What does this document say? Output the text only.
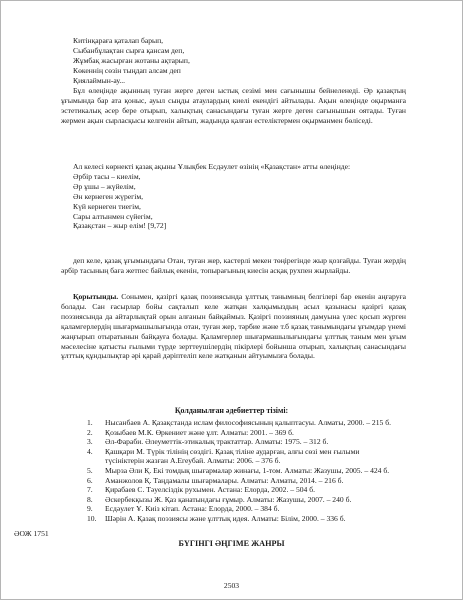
Китінқараға қаталап барып,
Сыбанбұлақтан сырға қансам деп,
Жұмбақ жасырған жотаны ақтарып,
Көкеннің сөзін тыңдап алсам деп
Қиялаймын-ау...

Бұл өлеңінде ақынның туған жерге деген ыстық сезімі мен сағынышы бейнеленеді. Әр қазақтың ұғымында бар ата қоныс, ауыл сыңды атаулардың киелі екендігі айтылады. Ақын өлеңінде оқырманға эстетикалық әсер бере отырып, халықтың санасындағы туған жерге деген сағынышын оятады. Туған жермен ақын сырласқысы келгенін айтып, жадында қалған естеліктермен оқырманмен бөліседі.

Ал келесі көрнекті қазақ ақыны Ұлықбек Есдәулет өзінің «Қазақстан» атты өлеңінде:

Әрбір тасы – киелім,
Әр ұшы – жүйелім,
Ән кернеген жүрегім,
Күй кернеген тиегім,
Сары алтынмен сүйегім,
Қазақстан – жыр елім! [9,72]

деп келе, қазақ ұғымындағы Отан, туған жер, кастерлі мекен төңірегінде жыр қозғайды. Туған жердің әрбір тасының баға жетпес байлық екенін, топырағының киесін асқақ рухпен жырлайды.

Қорытынды. Сонымен, қазіргі қазақ поэзиясында ұлттық танымның белгілері бар екенін аңғаруға болады. Сан ғасырлар бойы сақталып келе жатқан халқымыздың асыл қазынасы қазіргі қазақ поэзиясында да айтарлықтай орын алғанын байқаймыз. Қазіргі поэзияның дамуына үлес қосып жүрген қаламгерлердің шығармашылығында отан, туған жер, тәрбие және т.б қазақ танымындағы ұғымдар үнемі жаңғырып отыратынын байқауға болады. Қаламгерлер шығармашылығындағы ұлттық таным мен ұғым мәселесіне қатысты ғылыми түрде зерттеушілердің пікірлері бойынша отырып, халықтың санасындағы ұлттық құндылықтар әрі қарай дәріптеліп келе жатқанын айтуымызға болады.

Қолданылған әдебиеттер тізімі:
1.	Нысанбаев А. Қазақстанда ислам философиясының қалыптасуы. Алматы, 2000. – 215 б.
2.	Қозыбаев М.К. Өркениет және ұлт. Алматы: 2001. – 369 б.
3.	Әл-Фараби. Әлеуметтік-этикалық трактаттар. Алматы: 1975. – 312 б.
4.	Қашқари М. Түрік тілінің сөздігі. Қазақ тіліне аударған, алғы сөзі мен ғылыми түсініктерін жазған А.Егеубай. Алматы: 2006. – 376 б.
5.	Мырза Әли Қ. Екі томдық шығармалар жинағы, 1-том. Алматы: Жазушы, 2005. – 424 б.
6.	Аманжолов Қ. Таңдамалы шығармалары. Алматы: Алматы, 2014. – 216 б.
7.	Қирабаев С. Тәуелсіздік рухымен. Астана: Елорда, 2002. – 504 б.
8.	Әскербекқызы Ж. Қаз қанатындағы ғұмыр. Алматы: Жазушы, 2007. – 240 б.
9.	Есдәулет Ұ. Киіз кітап. Астана: Елорда, 2000. – 384 б.
10.	Шәрін А. Қазақ поэзиясы және ұлттық идея. Алматы: Білім, 2000. – 336 б.
ӘОЖ 1751
БҮГІНГІ ӘҢГІМЕ ЖАНРЫ
2503
